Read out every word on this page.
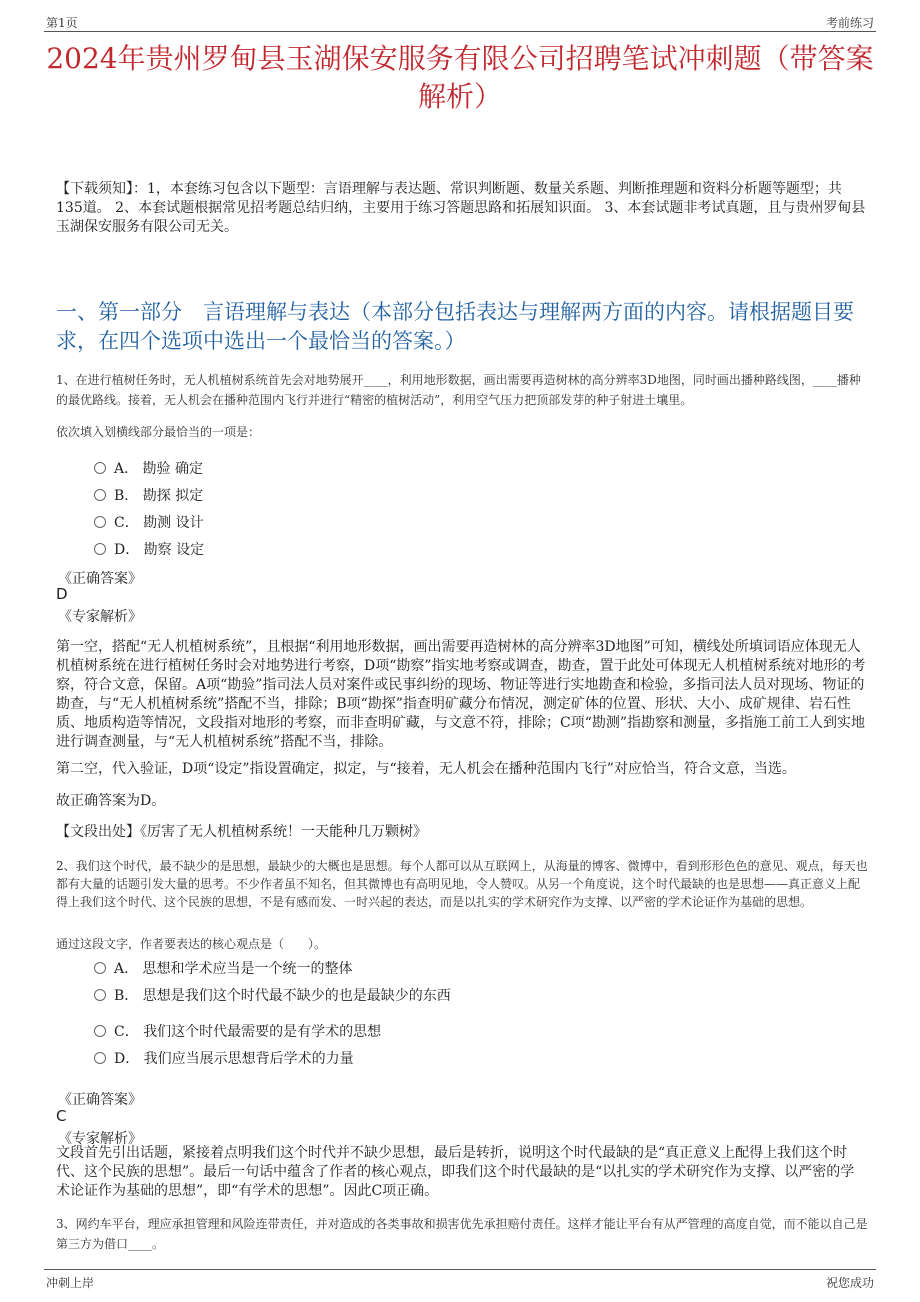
第1页	考前练习
2024年贵州罗甸县玉湖保安服务有限公司招聘笔试冲刺题（带答案解析）
【下载须知】：1，本套练习包含以下题型：言语理解与表达题、常识判断题、数量关系题、判断推理题和资料分析题等题型；共135道。 2、本套试题根据常见招考题总结归纳，主要用于练习答题思路和拓展知识面。 3、本套试题非考试真题，且与贵州罗甸县玉湖保安服务有限公司无关。
一、第一部分　言语理解与表达（本部分包括表达与理解两方面的内容。请根据题目要求，在四个选项中选出一个最恰当的答案。）
1、在进行植树任务时，无人机植树系统首先会对地势展开____，利用地形数据，画出需要再造树林的高分辨率3D地图，同时画出播种路线图，____播种的最优路线。接着，无人机会在播种范围内飞行并进行“精密的植树活动”，利用空气压力把顶部发芽的种子射进土壤里。
依次填入划横线部分最恰当的一项是：
A． 勘验 确定
B． 勘探 拟定
C． 勘测 设计
D． 勘察 设定
《正确答案》
D
《专家解析》
第一空，搭配“无人机植树系统”，且根据“利用地形数据，画出需要再造树林的高分辨率3D地图”可知，横线处所填词语应体现无人机植树系统在进行植树任务时会对地势进行考察，D项“勘察”指实地考察或调查，勘查，置于此处可体现无人机植树系统对地形的考察，符合文意，保留。A项“勘验”指司法人员对案件或民事纠纷的现场、物证等进行实地勘查和检验，多指司法人员对现场、物证的勘查，与“无人机植树系统”搭配不当，排除；B项“勘探”指查明矿藏分布情况，测定矿体的位置、形状、大小、成矿规律、岩石性质、地质构造等情况，文段指对地形的考察，而非查明矿藏，与文意不符，排除；C项“勘测”指勘察和测量，多指施工前工人到实地进行调查测量，与“无人机植树系统”搭配不当，排除。
第二空，代入验证，D项“设定”指设置确定，拟定，与“接着，无人机会在播种范围内飞行”对应恰当，符合文意，当选。
故正确答案为D。
【文段出处】《厉害了无人机植树系统！一天能种几万颗树》
2、我们这个时代，最不缺少的是思想，最缺少的大概也是思想。每个人都可以从互联网上，从海量的博客、微博中，看到形形色色的意见、观点，每天也都有大量的话题引发大量的思考。不少作者虽不知名，但其微博也有高明见地，令人赞叹。从另一个角度说，这个时代最缺的也是思想——真正意义上配得上我们这个时代、这个民族的思想，不是有感而发、一时兴起的表达，而是以扎实的学术研究作为支撑、以严密的学术论证作为基础的思想。
通过这段文字，作者要表达的核心观点是（　　）。
A． 思想和学术应当是一个统一的整体
B． 思想是我们这个时代最不缺少的也是最缺少的东西
C． 我们这个时代最需要的是有学术的思想
D． 我们应当展示思想背后学术的力量
《正确答案》
C
《专家解析》
文段首先引出话题，紧接着点明我们这个时代并不缺少思想，最后是转折，说明这个时代最缺的是“真正意义上配得上我们这个时代、这个民族的思想”。最后一句话中蕴含了作者的核心观点，即我们这个时代最缺的是“以扎实的学术研究作为支撑、以严密的学术论证作为基础的思想”，即“有学术的思想”。因此C项正确。
3、网约车平台，理应承担管理和风险连带责任，并对造成的各类事故和损害优先承担赔付责任。这样才能让平台有从严管理的高度自觉，而不能以自己是第三方为借口____。
冲刺上岸	祝您成功
